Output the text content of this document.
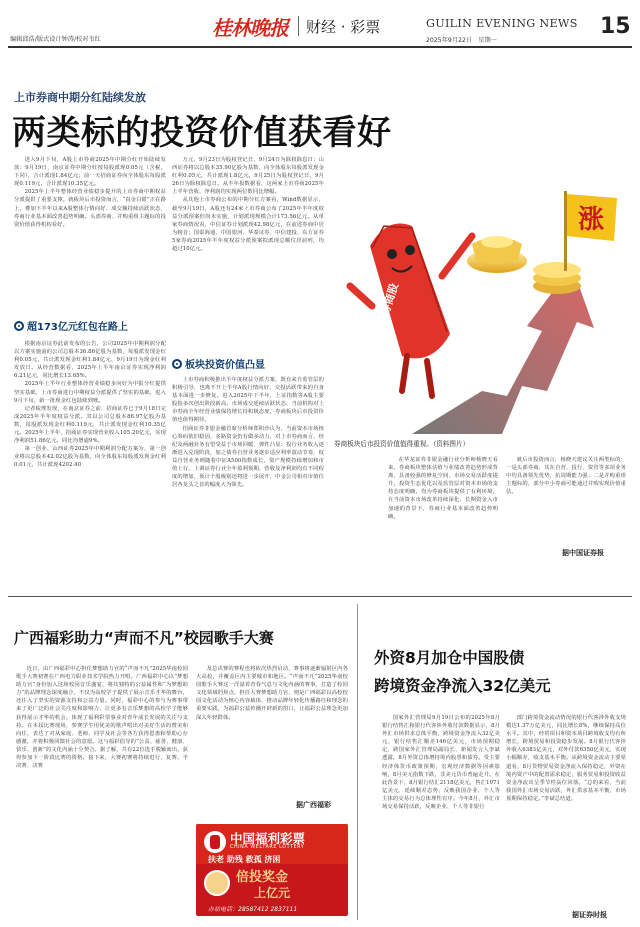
编辑邱浩/版式设计钟涛/校对韦红	桂林晚报 财经 · 彩票	GUILIN EVENING NEWS
2025年9月22日　星期一
15
上市券商中期分红陆续发放
两类标的投资价值获看好

进入9月下旬，A股上市券商2025年中期分红开始陆续发放：9月19日，南京证券中期分红按每股派现0.05元（含税，下同），合计派现1.84亿元；前一天招商证券向全体股东每股派现0.119元，合计派现10.35亿元。

2025年上半年整体经营业绩稳步提升的上市券商中期权益分派提供了重要支撑。就板块后市投资而言，“真金白银”正在路上，叠加下半年以来A股整体行情向好、成交额持续活跃状态，券商行业基本面改善趋势明确。头部券商、并购重组主题标的投资价值获得机构看好。

超173亿元红包在路上

根据南京证券此前发布的公告，公司2025年中期利润分配以方案实施前的公司总股本36.86亿股为基数，每股派发现金红利0.05元，共计派发现金红利1.84亿元，9月19日为现金红利发放日。从经营数据看，2025年上半年南京证券实现净利润6.21亿元，同比增长13.65%。

2025年上半年行业整体经营业绩稳步向好为中报分红提供坚实基础，上市券商进行中期权益分派提供了坚实的基础，进入9月下旬，新一批现金红包陆续到账。

记者梳理发现，在南京证券之前，招商证券已于9月18日完成2025年半年度权益分派。其以公司总股本86.97亿股为基数，每股派发现金红利0.119元，共计派发现金红利10.35亿元。2025年上半年，招商证券实现营业收入105.20亿元，实现净利润51.86亿元，同比均增逾9%。

第一创业、山西证券2025年中期利润分配方案为，第一创业将以总股本42.02亿股为基数，向全体股东每股派发现金红利0.01元，共计派现4202.40

万元，9月23日为股权登记日，9月24日为除权除息日；山西证券将以总股本35.90亿股为基数，向全体股东每股派发现金红利0.05元，共计派现1.8亿元，9月25日为股权登记日，9月26日为除权除息日。从半年报数据看，这两家上市券商2025年上半年营收、净利润均实现两位数同比增幅。

从其他上市券商公布的中期分红方案看，Wind数据显示，截至9月19日，A股还有24家上市券商公布了2025年半年度权益分派预案但尚未实施，计划派现规模合计173.56亿元。从单家券商情况看，中信证券计划派现42.98亿元，在前述券商中居为榜首；国泰海通、中国银河、华泰证券、中信建投、东方证券5家券商2025年半年度权益分派预案拟派现总额位居前列，均超过10亿元。

板块投资价值凸显

上市券商积极推出半年度权益分派方案，既有来自监管层的积极引导，也离不开上半年A股行情向好、交投活跃带来的自身基本面进一步修复。进入2025年下半年，上证指数等A股主要股指多次创出阶段新高，市场成交延续活跃状态，当前机构对上市券商全年经营业绩保持增长持积极态度，券商板块后市投资价值也值得期待。

招商证券非银金融首席分析师郑积沙认为，当前资本市场核心筹码依旧稳固，多路资金仍有做多动力，对上市券商而言，经纪及两融业务有望受益于市场回暖，弹性凸显；投行业务收入逐渐进入兑现阶段，加之债券自营业务逐步适应利率波动节奏，权益自营业务则随着中证A500指数成长，资产规模持续增加和市值上行，上调证券行业全年盈利预期，营收及净利润均有不同程度的增加，预计个股级别还将进一步展开，中金公司相对市值位居各龙头之首的幅度大为领先。

涨
券商股
券商板块后市投资价值值得重视。（资料图片）

在华龙证券非银金融行业分析师杨晓天看来，券商板块整体估值与业绩改善趋势形成背离，具备较强的修复空间，市场交易活跃度提升，投资生态优化以及监管层对资本市场的支持态度明确，均为券商板块提供了有利环境。在当前资本市场改革持续深化，长期资金入市加速的背景下，券商行业基本面改善趋势明确。

就后市投资而言，杨晓天建议关注两类标的：一是头部券商，其在自营、投行、资管等多项业务中均具备领先优势，抗周期能力强；二是并购重组主题标的，部分中小券商可能通过并购实现价值重估。

据中国证券报
广西福彩助力“声而不凡”校园歌手大赛

近日，由广西福彩中心担任梦想助力官的“声而不凡”2025华南校园歌手大赛初赛在广西电力职业技术学院热力开唱。广西福彩中心以“梦想助力官”身份加入这场校园音乐盛宴，将其独特的公益属性和“为梦想助力”的品牌理念深度融合，不仅为高校学子提供了展示音乐才华的舞台，还注入了坚实的资源支持和公益力量。同时，福彩中心的参与为赛事带来了更广泛的社会关注度和影响力，让更多有音乐梦想的高校学子能够获得展示才华的机会，体现了福利彩票事业对青年成长发展的关注与支持。在本届比赛现场，参赛学生用优美的歌声唱出对美好生活的赞美和向往，表达了对从家庭、老师、同学及社会等各方获得恩惠和帮助心存感激，并将积极回馈社会的意愿。这与福彩倡导的“公益、慈善、健康、快乐、创新”的文化内涵十分契合。据了解，共有22位选手脱颖而出，获得参加下一阶段比赛的资格。接下来，大赛初赛将持续进行，复赛、半决赛、决赛

及总决赛的赛程也将依次热烈启动，赛事将逐渐辐射区内各大高校，并覆盖区内主要城市和地区。“声而不凡”2025华南校园歌手大赛这一洋溢着青春气息与文化内涵的赛事，打造了校园文化领域的焦点，担任大赛梦想助力官，则是广西福彩以高校校园文化活动为核心内容载体，推动品牌年轻化传播路径和理念的重要实践，为福彩公益传播开辟新的窗口，让福彩公益理念更加深入年轻群体。

据广西福彩
中国福利彩票
CHINA WELFARE LOTTERY
扶老 助残 救孤 济困
倍投奖金
上亿元
办站电话：28587412 2837111
外资8月加仓中国股债
跨境资金净流入32亿美元

国家外汇管理局9月19日公布的2025年8月银行结售汇和银行代客涉外收付款数据显示，8月外汇市场供求总体平衡，跨境资金净流入32亿美元，银行结售汇顺差146亿美元，市场预期稳定，跨国家外汇管理局副局长、新闻发言人李斌透露，8月外资总体增持境内股票和债券。受主要经济体货币政策预期、宏观经济数据等因素影响，8月美元指数下跌，非美元货币普遍走升。在此背景下，8月银行结汇2118亿美元，售汇1971亿美元，延续顺差态势，反映我国企业、个人等主体的交易行为总体理性有序。今年8月，外汇市场交易保持活跃，反映企业、个人等非银行

部门跨境资金流动情况的银行代客涉外收支规模达1.37万亿美元，同比增长8%，继续保持高位水平。其中，经常项目和资本项目跨境收支均有所增长，跨境贸易和投资稳步发展。8月银行代客涉外收入6383亿美元，对外付款6350亿美元，实现小幅顺差，收支基本平衡。从跨境资金流动主要渠道看，8月货物贸易资金净流入保持稳定，外资在境内资产中的配置需求稳定，服务贸易和投资收益资金净流出呈季节性高位回落。“总的来看，当前我国外汇市场交易活跃，外汇供求基本平衡，市场预期保持稳定。”李斌总结道。

据证券时报
